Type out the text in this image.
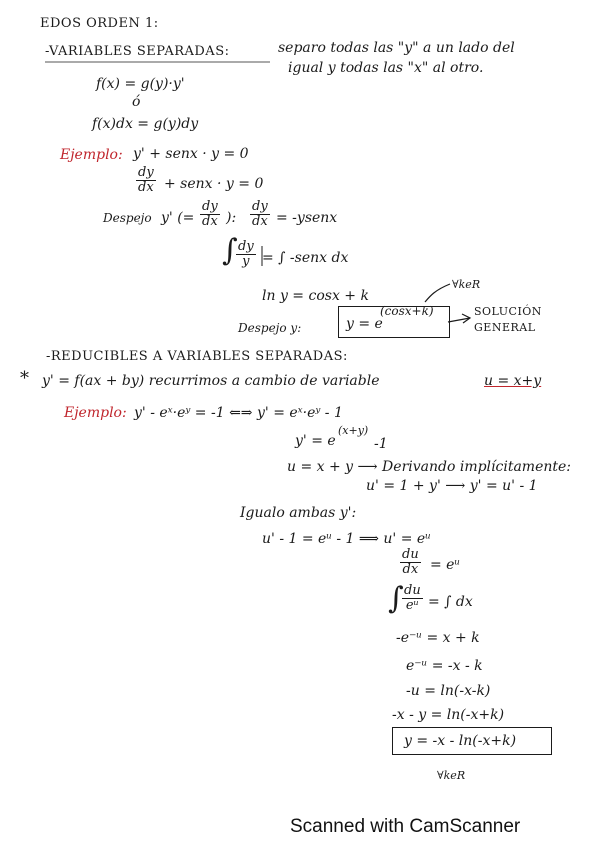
EDOS ORDEN 1:
-VARIABLES SEPARADAS:	separo todas las "y" a un lado del
igual y todas las "x" al otro.
f(x) = g(y)·y'
ó
f(x)dx = g(y)dy
Ejemplo: y' + senx · y = 0
$\frac{dy}{dx}$ + senx · y = 0
Despejo y' (= $\frac{dy}{dx}$ ): $\frac{dy}{dx}$ = -ysenx
∫
$\frac{dy}{y}$ = ∫ -senx dx
ln y = cosx + k
∀keR
Despejo y:	y = e
(cosx+k)	SOLUCIÓN
GENERAL
-REDUCIBLES A VARIABLES SEPARADAS:
* y' = f(ax + by) recurrimos a cambio de variable	u = x+y
Ejemplo: y' - eˣ·eʸ = -1 ⇐⇒ y' = eˣ·eʸ - 1
y' = e
(x+y)
-1
u = x + y ⟶ Derivando implícitamente:
u' = 1 + y' ⟶ y' = u' - 1
Igualo ambas y':
u' - 1 = eᵘ - 1 ⟹ u' = eᵘ
$\frac{du}{dx}$ = eᵘ
∫
$\frac{du}{\text{eᵘ}}$ = ∫ dx
-e⁻ᵘ = x + k
e⁻ᵘ = -x - k
-u = ln(-x-k)
-x - y = ln(-x+k)
y = -x - ln(-x+k)
∀keR
Scanned with CamScanner
